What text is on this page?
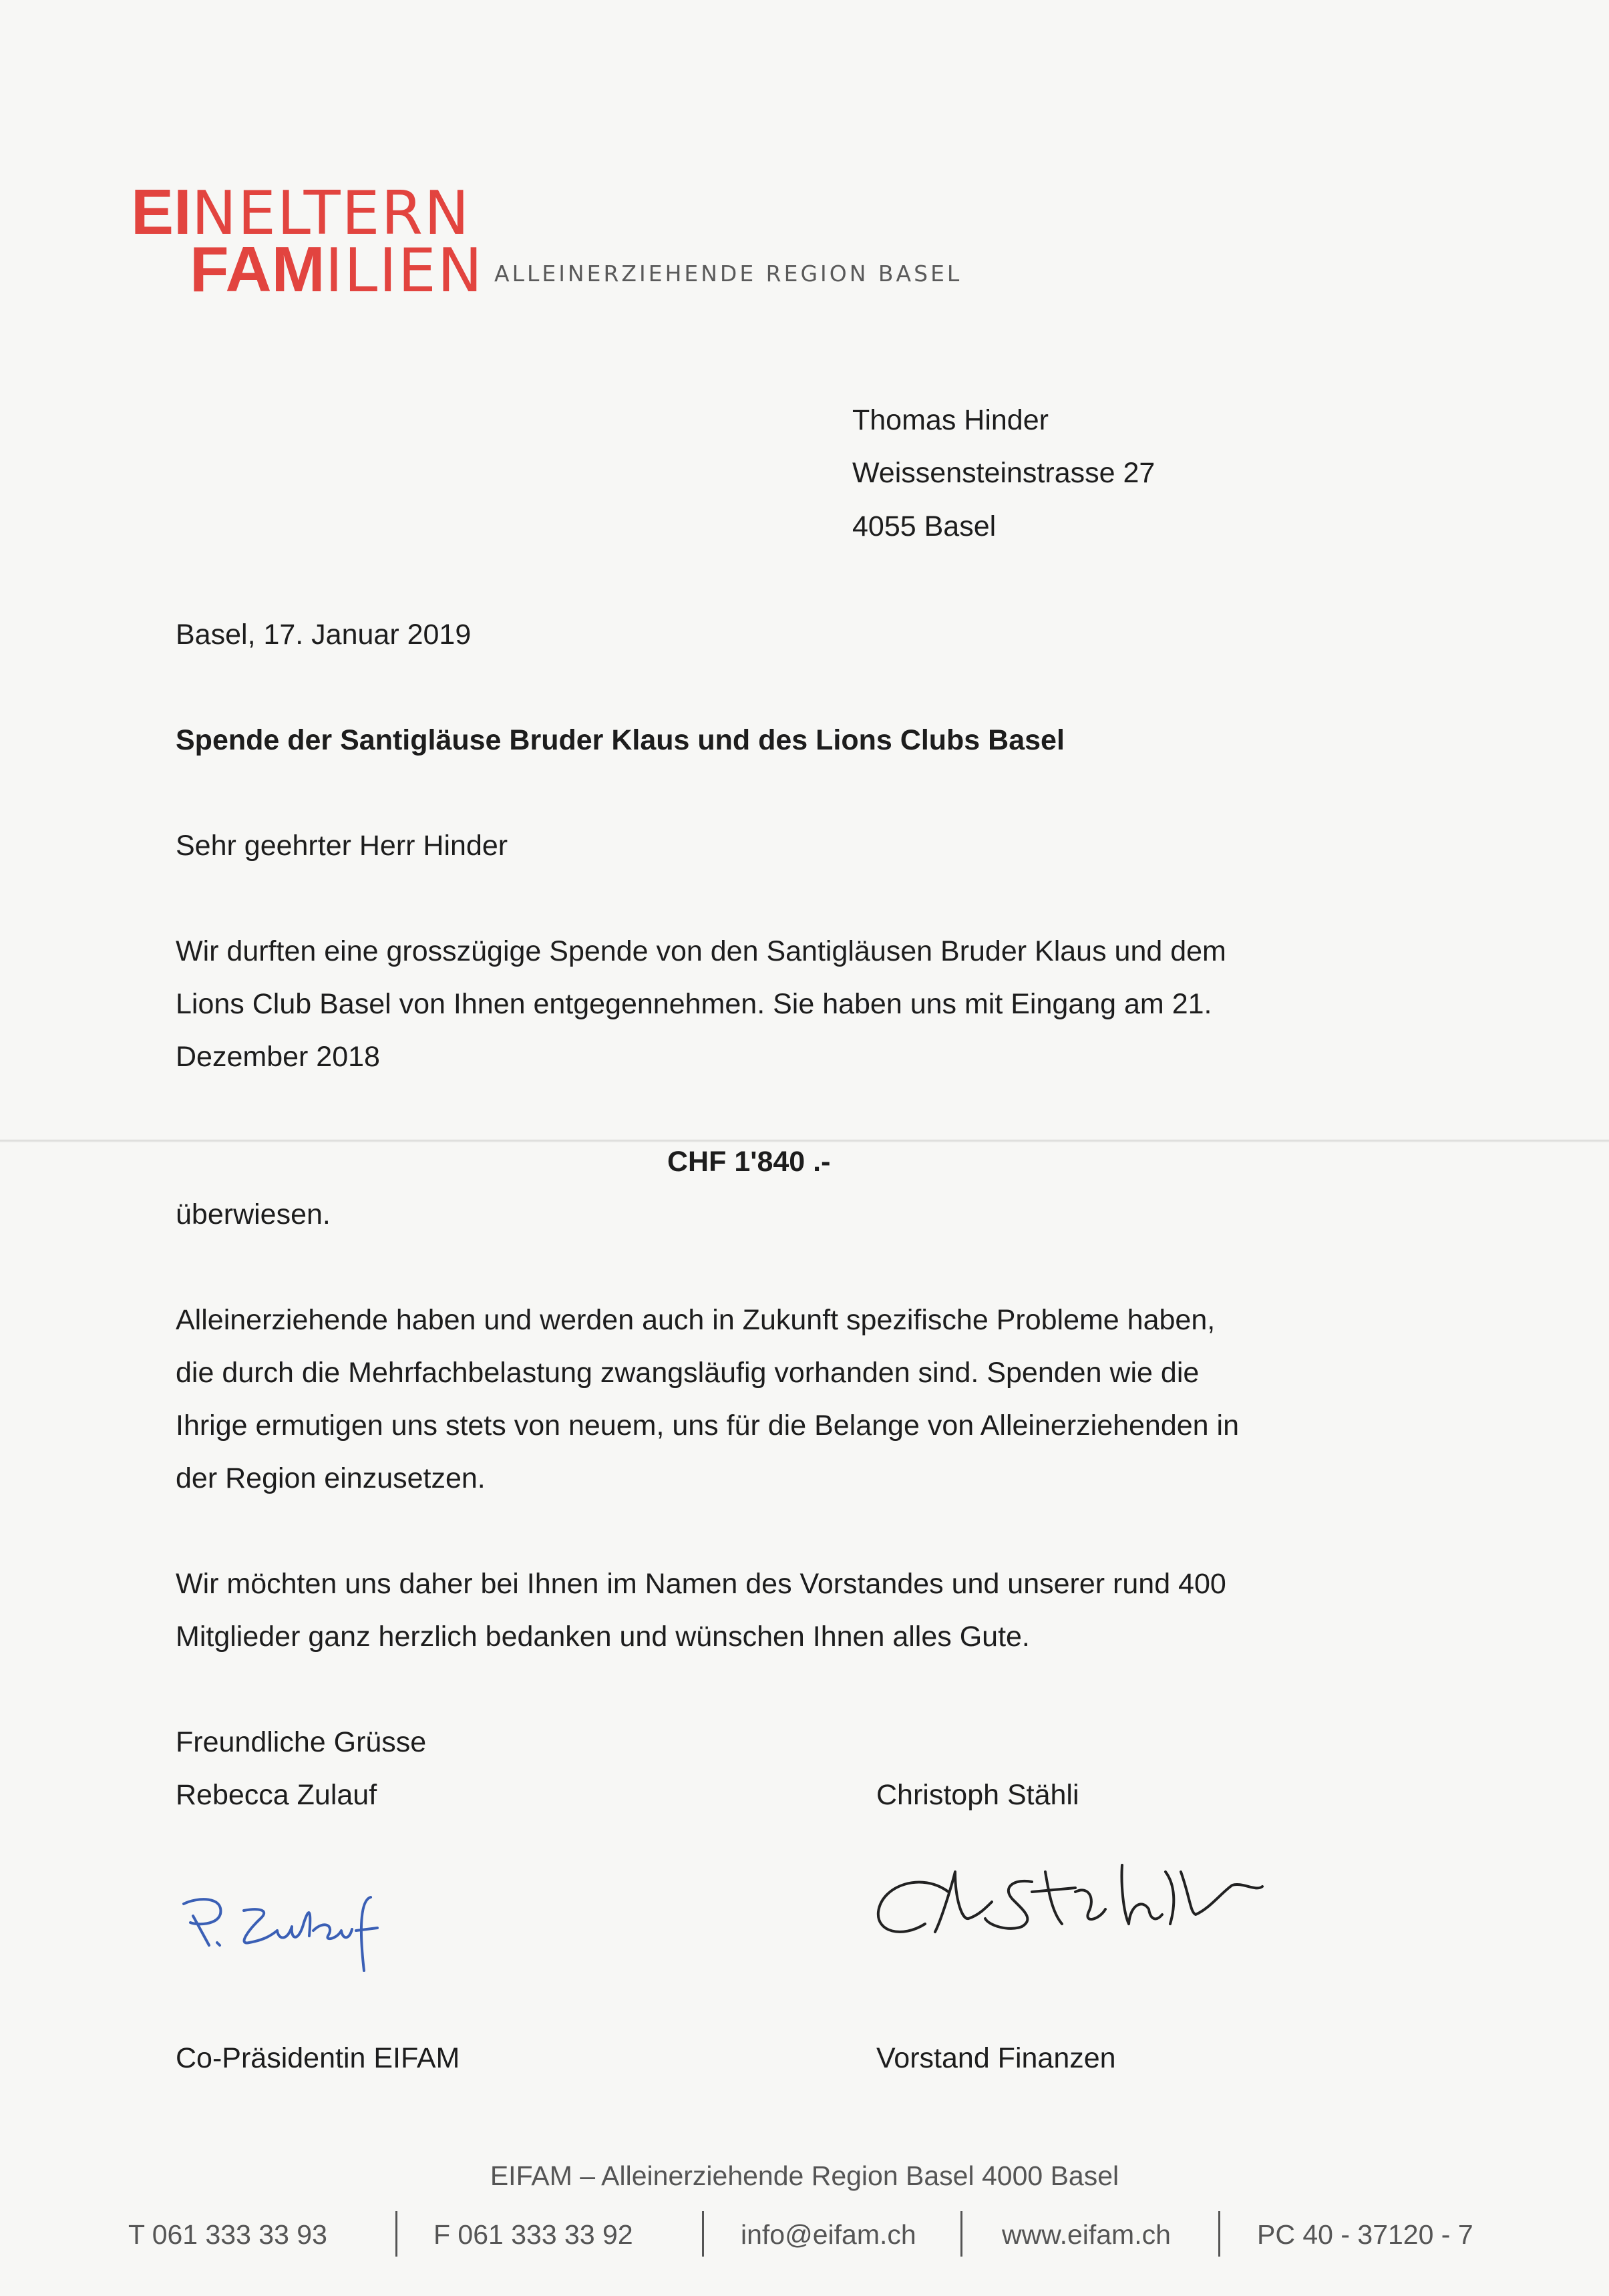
EINELTERN
FAMILIEN ALLEINERZIEHENDE REGION BASEL
Thomas Hinder
Weissensteinstrasse 27
4055 Basel
Basel, 17. Januar 2019
Spende der Santigläuse Bruder Klaus und des Lions Clubs Basel
Sehr geehrter Herr Hinder
Wir durften eine grosszügige Spende von den Santigläusen Bruder Klaus und dem
Lions Club Basel von Ihnen entgegennehmen. Sie haben uns mit Eingang am 21.
Dezember 2018
CHF 1'840 .-
überwiesen.
Alleinerziehende haben und werden auch in Zukunft spezifische Probleme haben,
die durch die Mehrfachbelastung zwangsläufig vorhanden sind. Spenden wie die
Ihrige ermutigen uns stets von neuem, uns für die Belange von Alleinerziehenden in
der Region einzusetzen.
Wir möchten uns daher bei Ihnen im Namen des Vorstandes und unserer rund 400
Mitglieder ganz herzlich bedanken und wünschen Ihnen alles Gute.
Freundliche Grüsse
Rebecca Zulauf	Christoph Stähli
Co-Präsidentin EIFAM	Vorstand Finanzen
EIFAM – Alleinerziehende Region Basel 4000 Basel
T 061 333 33 93	F 061 333 33 92	info@eifam.ch	www.eifam.ch	PC 40 - 37120 - 7
